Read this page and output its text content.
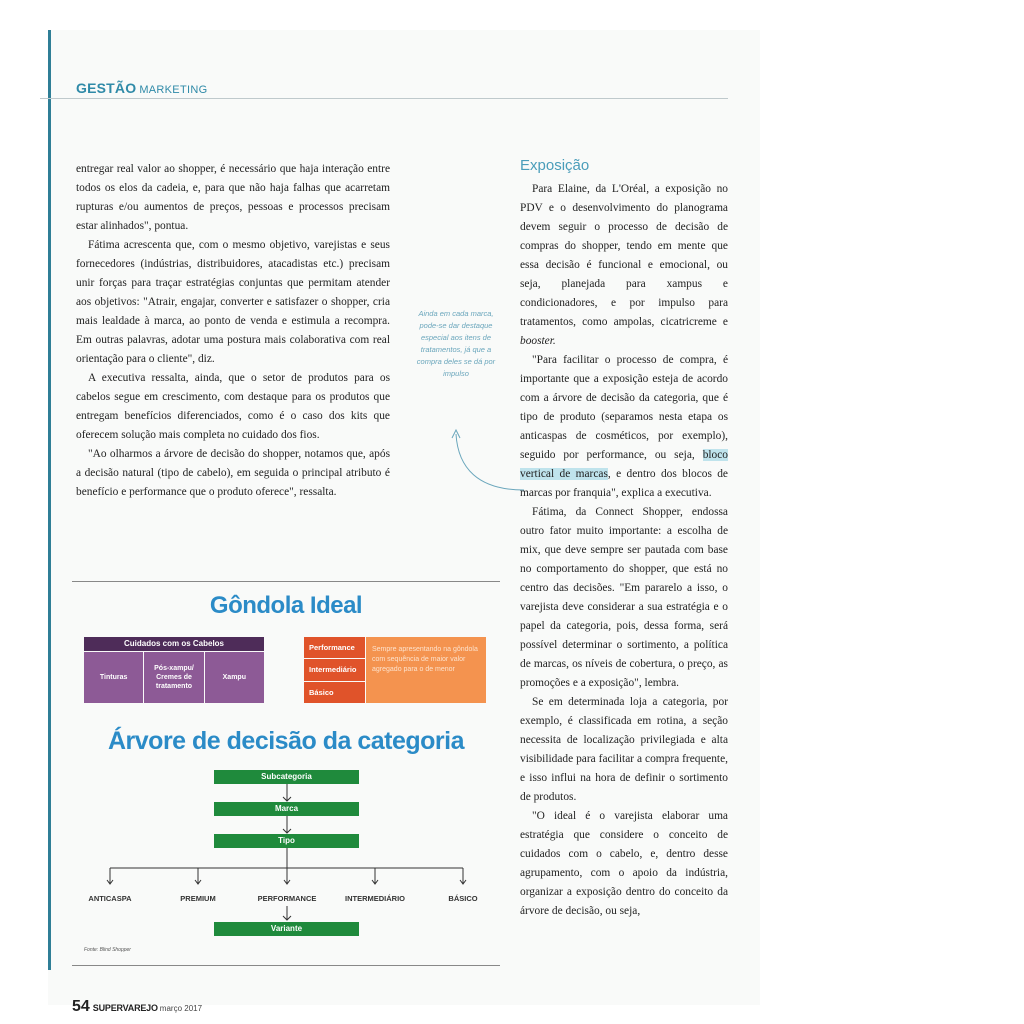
GESTÃO MARKETING

entregar real valor ao shopper, é necessário que haja interação entre todos os elos da cadeia, e, para que não haja falhas que acarretam rupturas e/ou aumentos de preços, pessoas e processos precisam estar alinhados", pontua.

Fátima acrescenta que, com o mesmo objetivo, varejistas e seus fornecedores (indústrias, distribuidores, atacadistas etc.) precisam unir forças para traçar estratégias conjuntas que permitam atender aos objetivos: "Atrair, engajar, converter e satisfazer o shopper, cria mais lealdade à marca, ao ponto de venda e estimula a recompra. Em outras palavras, adotar uma postura mais colaborativa com real orientação para o cliente", diz.

A executiva ressalta, ainda, que o setor de produtos para os cabelos segue em crescimento, com destaque para os produtos que entregam benefícios diferenciados, como é o caso dos kits que oferecem solução mais completa no cuidado dos fios.

"Ao olharmos a árvore de decisão do shopper, notamos que, após a decisão natural (tipo de cabelo), em seguida o principal atributo é benefício e performance que o produto oferece", ressalta.

Ainda em cada marca, pode-se dar destaque especial aos itens de tratamentos, já que a compra deles se dá por impulso
Exposição

Para Elaine, da L'Oréal, a exposição no PDV e o desenvolvimento do planograma devem seguir o processo de decisão de compras do shopper, tendo em mente que essa decisão é funcional e emocional, ou seja, planejada para xampus e condicionadores, e por impulso para tratamentos, como ampolas, cicatricreme e booster.

"Para facilitar o processo de compra, é importante que a exposição esteja de acordo com a árvore de decisão da categoria, que é tipo de produto (separamos nesta etapa os anticaspas de cosméticos, por exemplo), seguido por performance, ou seja, bloco vertical de marcas, e dentro dos blocos de marcas por franquia", explica a executiva.

Fátima, da Connect Shopper, endossa outro fator muito importante: a escolha de mix, que deve sempre ser pautada com base no comportamento do shopper, que está no centro das decisões. "Em pararelo a isso, o varejista deve considerar a sua estratégia e o papel da categoria, pois, dessa forma, será possível determinar o sortimento, a política de marcas, os níveis de cobertura, o preço, as promoções e a exposição", lembra.

Se em determinada loja a categoria, por exemplo, é classificada em rotina, a seção necessita de localização privilegiada e alta visibilidade para facilitar a compra frequente, e isso influi na hora de definir o sortimento de produtos.

"O ideal é o varejista elaborar uma estratégia que considere o conceito de cuidados com o cabelo, e, dentro desse agrupamento, com o apoio da indústria, organizar a exposição dentro do conceito da árvore de decisão, ou seja,

Gôndola Ideal
Cuidados com os Cabelos
Tinturas
Pós-xampu/ Cremes de tratamento
Xampu
Performance
Intermediário
Básico
Sempre apresentando na gôndola com sequência de maior valor agregado para o de menor
Árvore de decisão da categoria
Subcategoria
Marca
Tipo
ANTICASPA	PREMIUM	PERFORMANCE	INTERMEDIÁRIO	BÁSICO
Variante
Fonte: Blind Shopper
54 SUPERVAREJO março 2017
